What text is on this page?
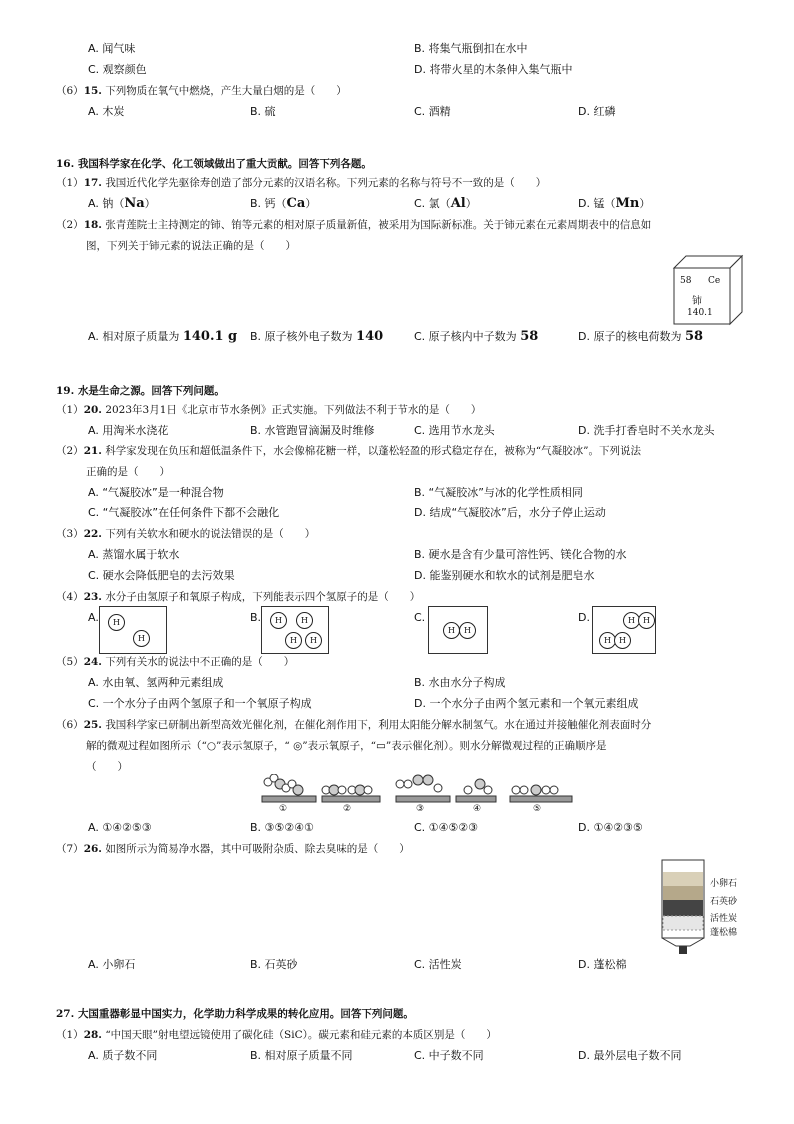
A. 闻气味	B. 将集气瓶倒扣在水中
C. 观察颜色	D. 将带火星的木条伸入集气瓶中
（6）15. 下列物质在氧气中燃烧，产生大量白烟的是（　　）
A. 木炭	B. 硫	C. 酒精	D. 红磷
16. 我国科学家在化学、化工领域做出了重大贡献。回答下列各题。
（1）17. 我国近代化学先驱徐寿创造了部分元素的汉语名称。下列元素的名称与符号不一致的是（　　）
A. 钠（Na）	B. 钙（Ca）	C. 氯（Al）	D. 锰（Mn）
（2）18. 张青莲院士主持测定的铈、铕等元素的相对原子质量新值，被采用为国际新标准。关于铈元素在元素周期表中的信息如
图，下列关于铈元素的说法正确的是（　　）
58 Ce
铈
140.1
A. 相对原子质量为 140.1 g B. 原子核外电子数为 140	C. 原子核内中子数为 58	D. 原子的核电荷数为 58
19. 水是生命之源。回答下列问题。
（1）20. 2023年3月1日《北京市节水条例》正式实施。下列做法不利于节水的是（　　）
A. 用淘米水浇花	B. 水管跑冒滴漏及时维修	C. 选用节水龙头	D. 洗手打香皂时不关水龙头
（2）21. 科学家发现在负压和超低温条件下，水会像棉花糖一样，以蓬松轻盈的形式稳定存在，被称为“气凝胶冰”。下列说法
正确的是（　　）
A. “气凝胶冰”是一种混合物	B. “气凝胶冰”与冰的化学性质相同
C. “气凝胶冰”在任何条件下都不会融化	D. 结成“气凝胶冰”后，水分子停止运动
（3）22. 下列有关软水和硬水的说法错误的是（　　）
A. 蒸馏水属于软水	B. 硬水是含有少量可溶性钙、镁化合物的水
C. 硬水会降低肥皂的去污效果	D. 能鉴别硬水和软水的试剂是肥皂水
（4）23. 水分子由氢原子和氧原子构成，下列能表示四个氢原子的是（　　）
A.	H
H
B.	H	H
H	H
C.
H	H
D.	H	H
H	H
（5）24. 下列有关水的说法中不正确的是（　　）
A. 水由氧、氢两种元素组成	B. 水由水分子构成
C. 一个水分子由两个氢原子和一个氧原子构成	D. 一个水分子由两个氢元素和一个氧元素组成
（6）25. 我国科学家已研制出新型高效光催化剂，在催化剂作用下，利用太阳能分解水制氢气。水在通过并接触催化剂表面时分
解的微观过程如图所示（“○”表示氢原子，“ ◎”表示氧原子，“▭”表示催化剂）。则水分解微观过程的正确顺序是
（　　）
①	②	③	④	⑤
A. ①④②⑤③	B. ③⑤②④①	C. ①④⑤②③	D. ①④②③⑤
（7）26. 如图所示为简易净水器，其中可吸附杂质、除去臭味的是（　　）
小卵石
石英砂
活性炭
蓬松棉
A. 小卵石	B. 石英砂	C. 活性炭	D. 蓬松棉
27. 大国重器彰显中国实力，化学助力科学成果的转化应用。回答下列问题。
（1）28. “中国天眼”射电望远镜使用了碳化硅（SiC）。碳元素和硅元素的本质区别是（　　）
A. 质子数不同	B. 相对原子质量不同	C. 中子数不同	D. 最外层电子数不同
